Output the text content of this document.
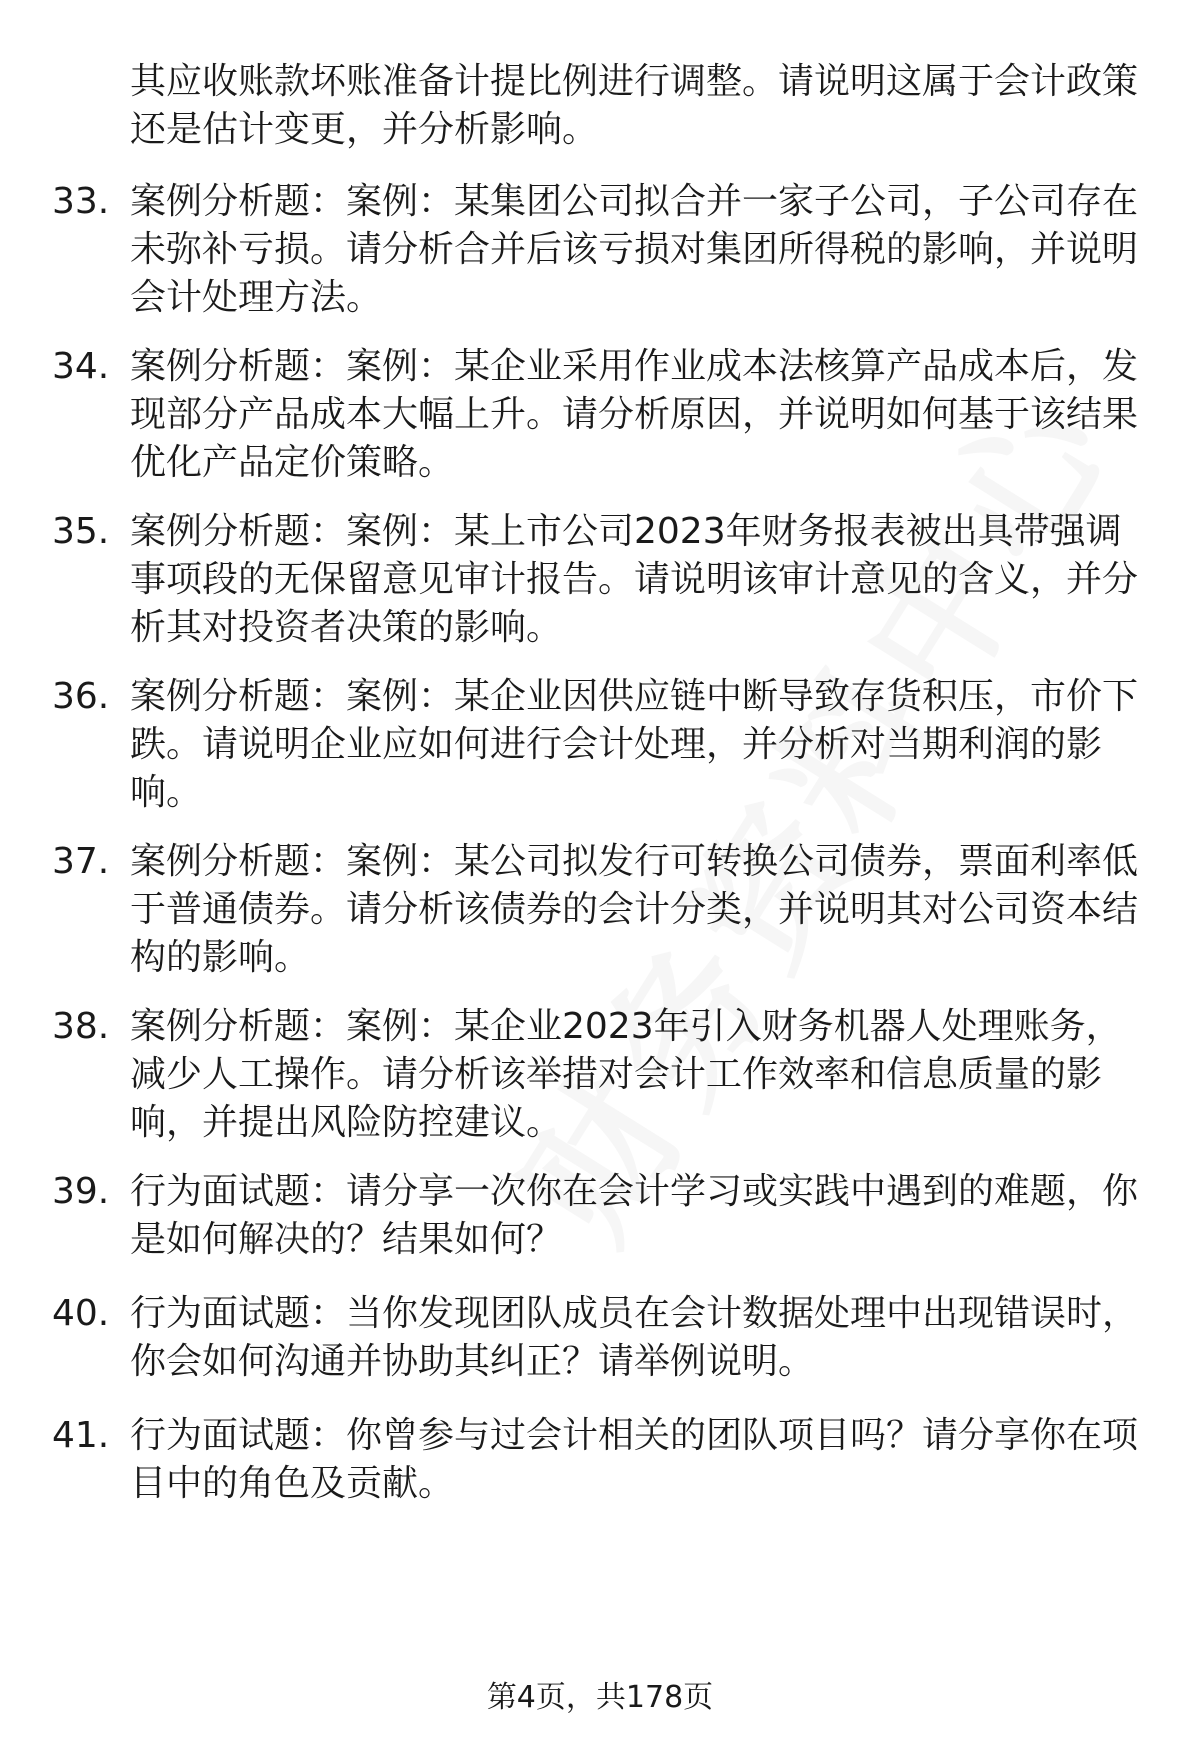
其应收账款坏账准备计提比例进行调整。请说明这属于会计政策还是估计变更，并分析影响。
33. 案例分析题：案例：某集团公司拟合并一家子公司，子公司存在未弥补亏损。请分析合并后该亏损对集团所得税的影响，并说明会计处理方法。
34. 案例分析题：案例：某企业采用作业成本法核算产品成本后，发现部分产品成本大幅上升。请分析原因，并说明如何基于该结果优化产品定价策略。
35. 案例分析题：案例：某上市公司2023年财务报表被出具带强调事项段的无保留意见审计报告。请说明该审计意见的含义，并分析其对投资者决策的影响。
36. 案例分析题：案例：某企业因供应链中断导致存货积压，市价下跌。请说明企业应如何进行会计处理，并分析对当期利润的影响。
37. 案例分析题：案例：某公司拟发行可转换公司债券，票面利率低于普通债券。请分析该债券的会计分类，并说明其对公司资本结构的影响。
38. 案例分析题：案例：某企业2023年引入财务机器人处理账务，减少人工操作。请分析该举措对会计工作效率和信息质量的影响，并提出风险防控建议。
39. 行为面试题：请分享一次你在会计学习或实践中遇到的难题，你是如何解决的？结果如何？
40. 行为面试题：当你发现团队成员在会计数据处理中出现错误时，你会如何沟通并协助其纠正？请举例说明。
41. 行为面试题：你曾参与过会计相关的团队项目吗？请分享你在项目中的角色及贡献。
第4页，共178页
